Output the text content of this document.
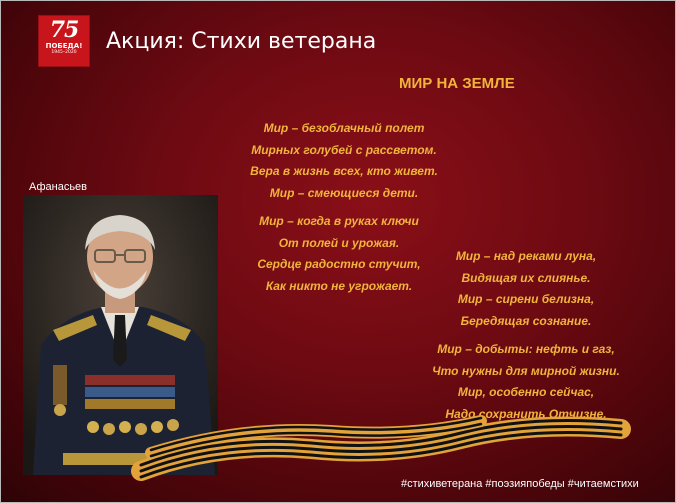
75
ПОБЕДА!
1945–2020 Акция: Стихи ветерана
МИР НА ЗЕМЛЕ
Афанасьев
Мир – безоблачный полет
Мирных голубей с рассветом.
Вера в жизнь всех, кто живет.
Мир – смеющиеся дети.
Мир – когда в руках ключи
От полей и урожая.
Сердце радостно стучит,
Как никто не угрожает.
Мир – над реками луна,
Видящая их слиянье.
Мир – сирени белизна,
Бередящая сознание.
Мир – добыты: нефть и газ,
Что нужны для мирной жизни.
Мир, особенно сейчас,
Надо сохранить Отчизне.
#стихиветерана #поэзияпобеды #читаемстихи
